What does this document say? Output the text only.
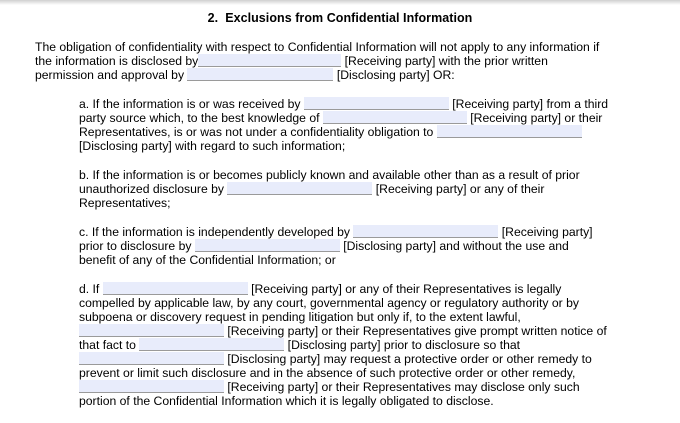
2.  Exclusions from Confidential Information
The obligation of confidentiality with respect to Confidential Information will not apply to any information if
the information is disclosed by	[Receiving party] with the prior written
permission and approval by	[Disclosing party] OR:
a. If the information is or was received by	[Receiving party] from a third
party source which, to the best knowledge of	[Receiving party] or their
Representatives, is or was not under a confidentiality obligation to
[Disclosing party] with regard to such information;
b. If the information is or becomes publicly known and available other than as a result of prior
unauthorized disclosure by	[Receiving party] or any of their
Representatives;
c. If the information is independently developed by	[Receiving party]
prior to disclosure by	[Disclosing party] and without the use and
benefit of any of the Confidential Information; or
d. If	[Receiving party] or any of their Representatives is legally
compelled by applicable law, by any court, governmental agency or regulatory authority or by
subpoena or discovery request in pending litigation but only if, to the extent lawful,
[Receiving party] or their Representatives give prompt written notice of
that fact to	[Disclosing party] prior to disclosure so that
[Disclosing party] may request a protective order or other remedy to
prevent or limit such disclosure and in the absence of such protective order or other remedy,
[Receiving party] or their Representatives may disclose only such
portion of the Confidential Information which it is legally obligated to disclose.
